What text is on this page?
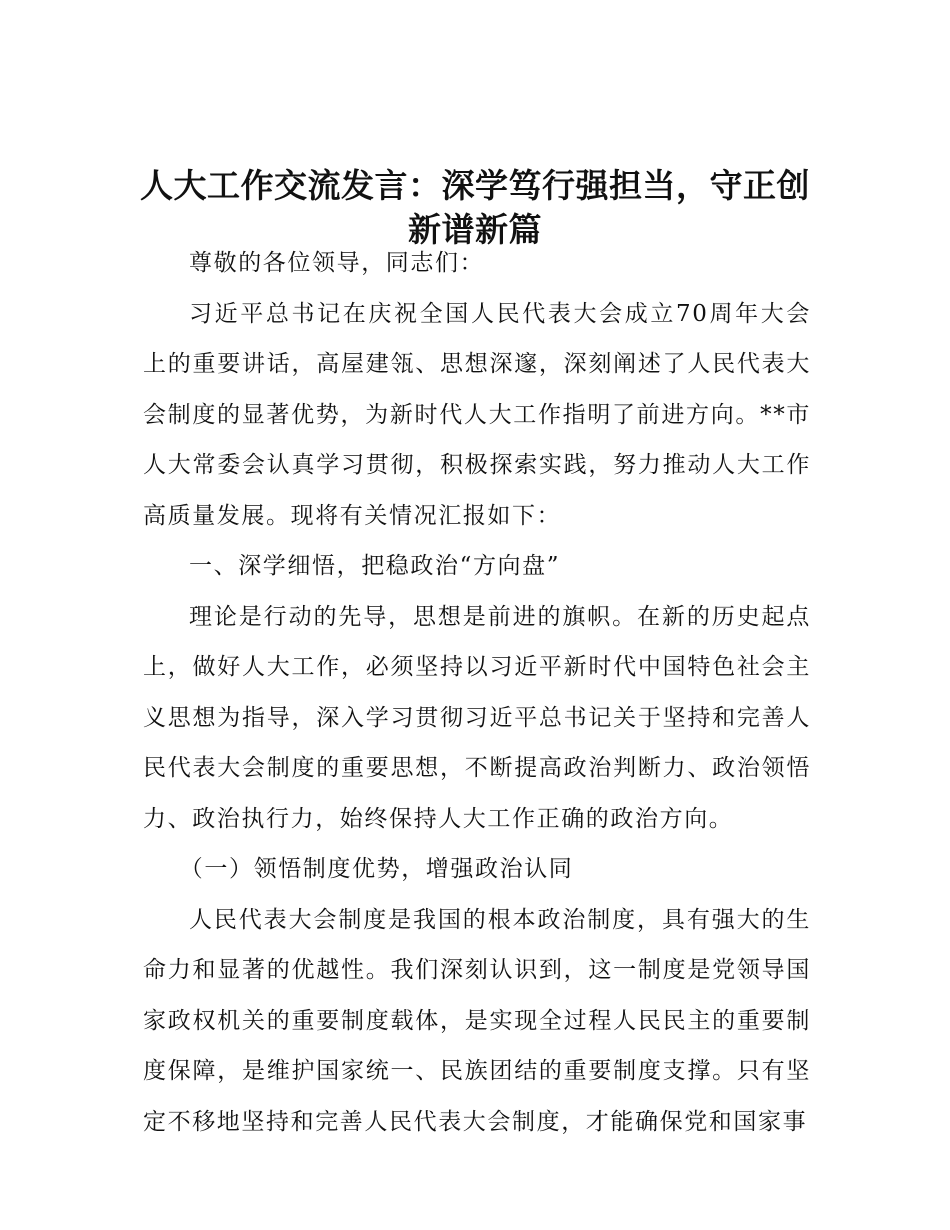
人大工作交流发言：深学笃行强担当，守正创新谱新篇

尊敬的各位领导，同志们：

习近平总书记在庆祝全国人民代表大会成立70周年大会上的重要讲话，高屋建瓴、思想深邃，深刻阐述了人民代表大会制度的显著优势，为新时代人大工作指明了前进方向。**市人大常委会认真学习贯彻，积极探索实践，努力推动人大工作高质量发展。现将有关情况汇报如下：

一、深学细悟，把稳政治“方向盘”

理论是行动的先导，思想是前进的旗帜。在新的历史起点上，做好人大工作，必须坚持以习近平新时代中国特色社会主义思想为指导，深入学习贯彻习近平总书记关于坚持和完善人民代表大会制度的重要思想，不断提高政治判断力、政治领悟力、政治执行力，始终保持人大工作正确的政治方向。

（一）领悟制度优势，增强政治认同

人民代表大会制度是我国的根本政治制度，具有强大的生命力和显著的优越性。我们深刻认识到，这一制度是党领导国家政权机关的重要制度载体，是实现全过程人民民主的重要制度保障，是维护国家统一、民族团结的重要制度支撑。只有坚定不移地坚持和完善人民代表大会制度，才能确保党和国家事
